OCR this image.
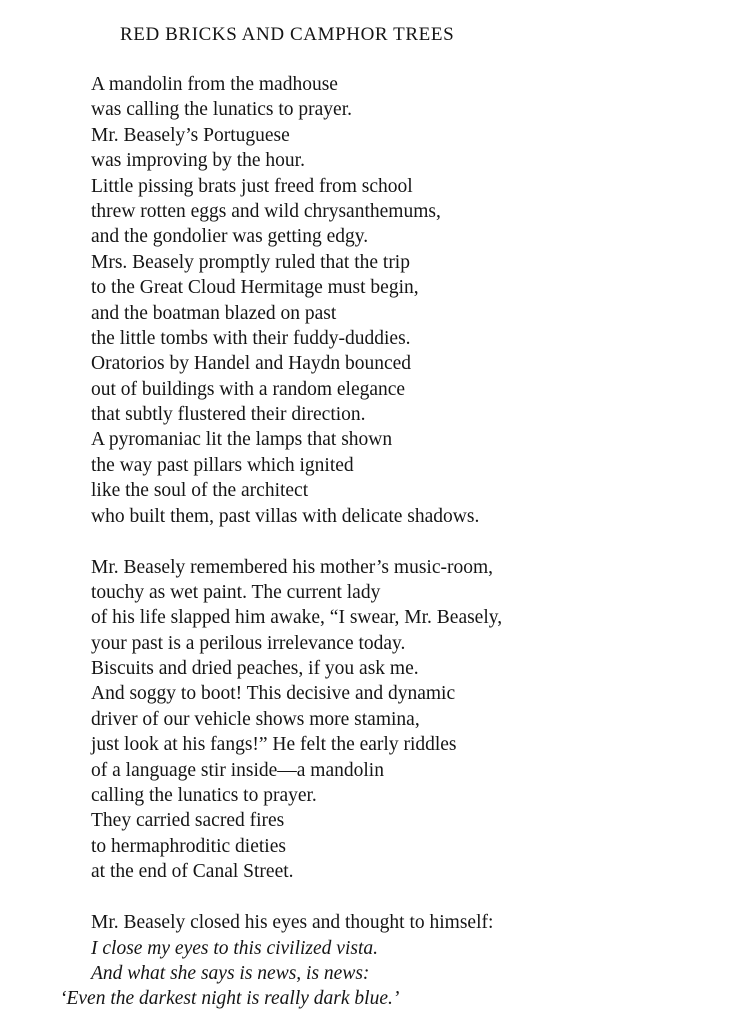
RED BRICKS AND CAMPHOR TREES
A mandolin from the madhouse
was calling the lunatics to prayer.
Mr. Beasely’s Portuguese
was improving by the hour.
Little pissing brats just freed from school
threw rotten eggs and wild chrysanthemums,
and the gondolier was getting edgy.
Mrs. Beasely promptly ruled that the trip
to the Great Cloud Hermitage must begin,
and the boatman blazed on past
the little tombs with their fuddy-duddies.
Oratorios by Handel and Haydn bounced
out of buildings with a random elegance
that subtly flustered their direction.
A pyromaniac lit the lamps that shown
the way past pillars which ignited
like the soul of the architect
who built them, past villas with delicate shadows.
Mr. Beasely remembered his mother’s music-room,
touchy as wet paint. The current lady
of his life slapped him awake, “I swear, Mr. Beasely,
your past is a perilous irrelevance today.
Biscuits and dried peaches, if you ask me.
And soggy to boot! This decisive and dynamic
driver of our vehicle shows more stamina,
just look at his fangs!” He felt the early riddles
of a language stir inside—a mandolin
calling the lunatics to prayer.
They carried sacred fires
to hermaphroditic dieties
at the end of Canal Street.
Mr. Beasely closed his eyes and thought to himself:
I close my eyes to this civilized vista.
And what she says is news, is news:
‘Even the darkest night is really dark blue.’
